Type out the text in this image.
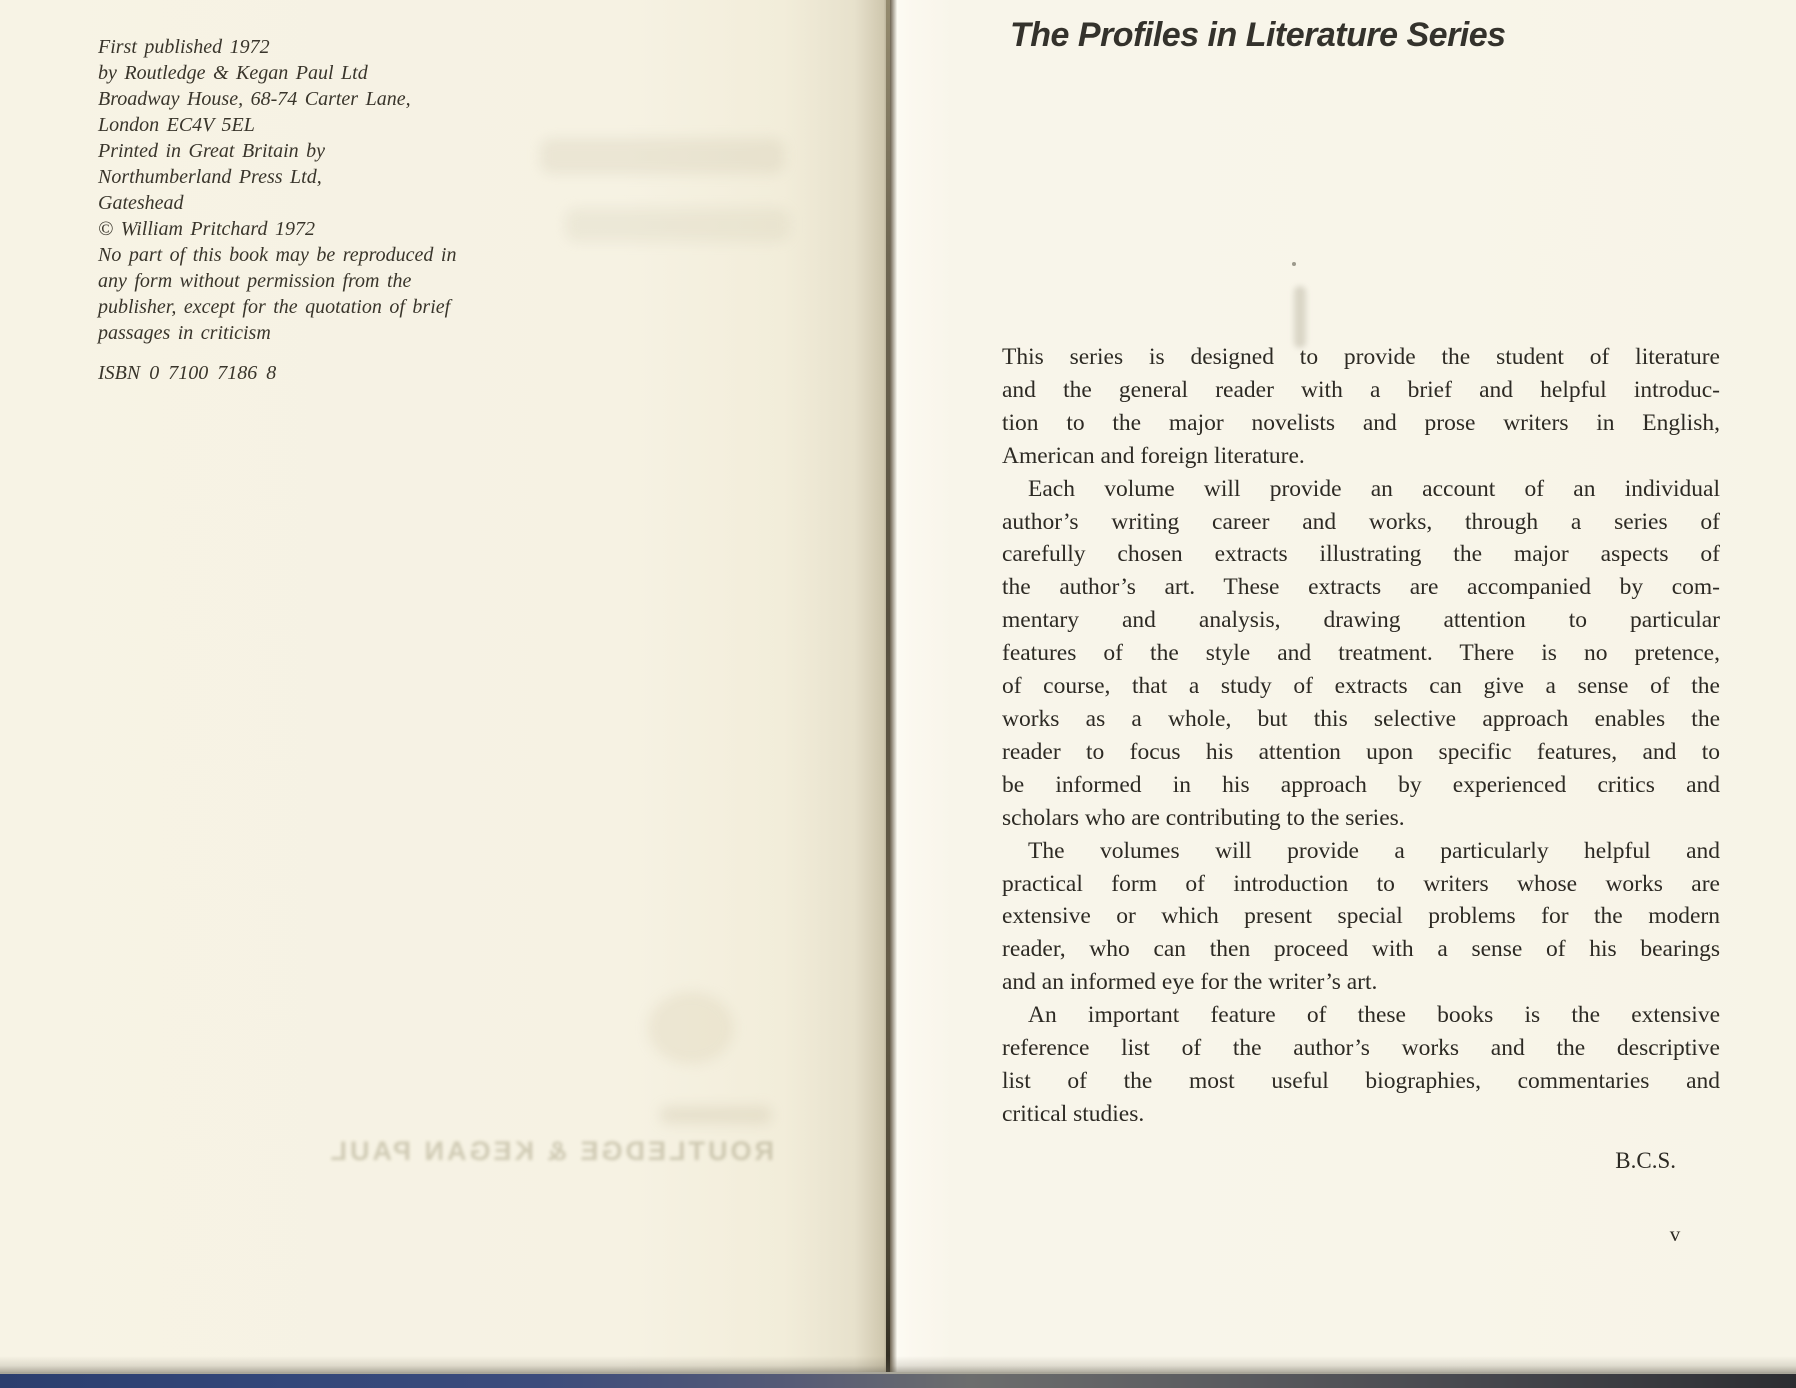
First published 1972
by Routledge & Kegan Paul Ltd
Broadway House, 68-74 Carter Lane,
London EC4V 5EL
Printed in Great Britain by
Northumberland Press Ltd,
Gateshead
© William Pritchard 1972
No part of this book may be reproduced in
any form without permission from the
publisher, except for the quotation of brief
passages in criticism
ISBN 0 7100 7186 8
ROUTLEDGE & KEGAN PAUL
The Profiles in Literature Series
This series is designed to provide the student of literature
and the general reader with a brief and helpful introduc-
tion to the major novelists and prose writers in English,
American and foreign literature.
Each volume will provide an account of an individual
author’s writing career and works, through a series of
carefully chosen extracts illustrating the major aspects of
the author’s art. These extracts are accompanied by com-
mentary and analysis, drawing attention to particular
features of the style and treatment. There is no pretence,
of course, that a study of extracts can give a sense of the
works as a whole, but this selective approach enables the
reader to focus his attention upon specific features, and to
be informed in his approach by experienced critics and
scholars who are contributing to the series.
The volumes will provide a particularly helpful and
practical form of introduction to writers whose works are
extensive or which present special problems for the modern
reader, who can then proceed with a sense of his bearings
and an informed eye for the writer’s art.
An important feature of these books is the extensive
reference list of the author’s works and the descriptive
list of the most useful biographies, commentaries and
critical studies.
B.C.S.
v
